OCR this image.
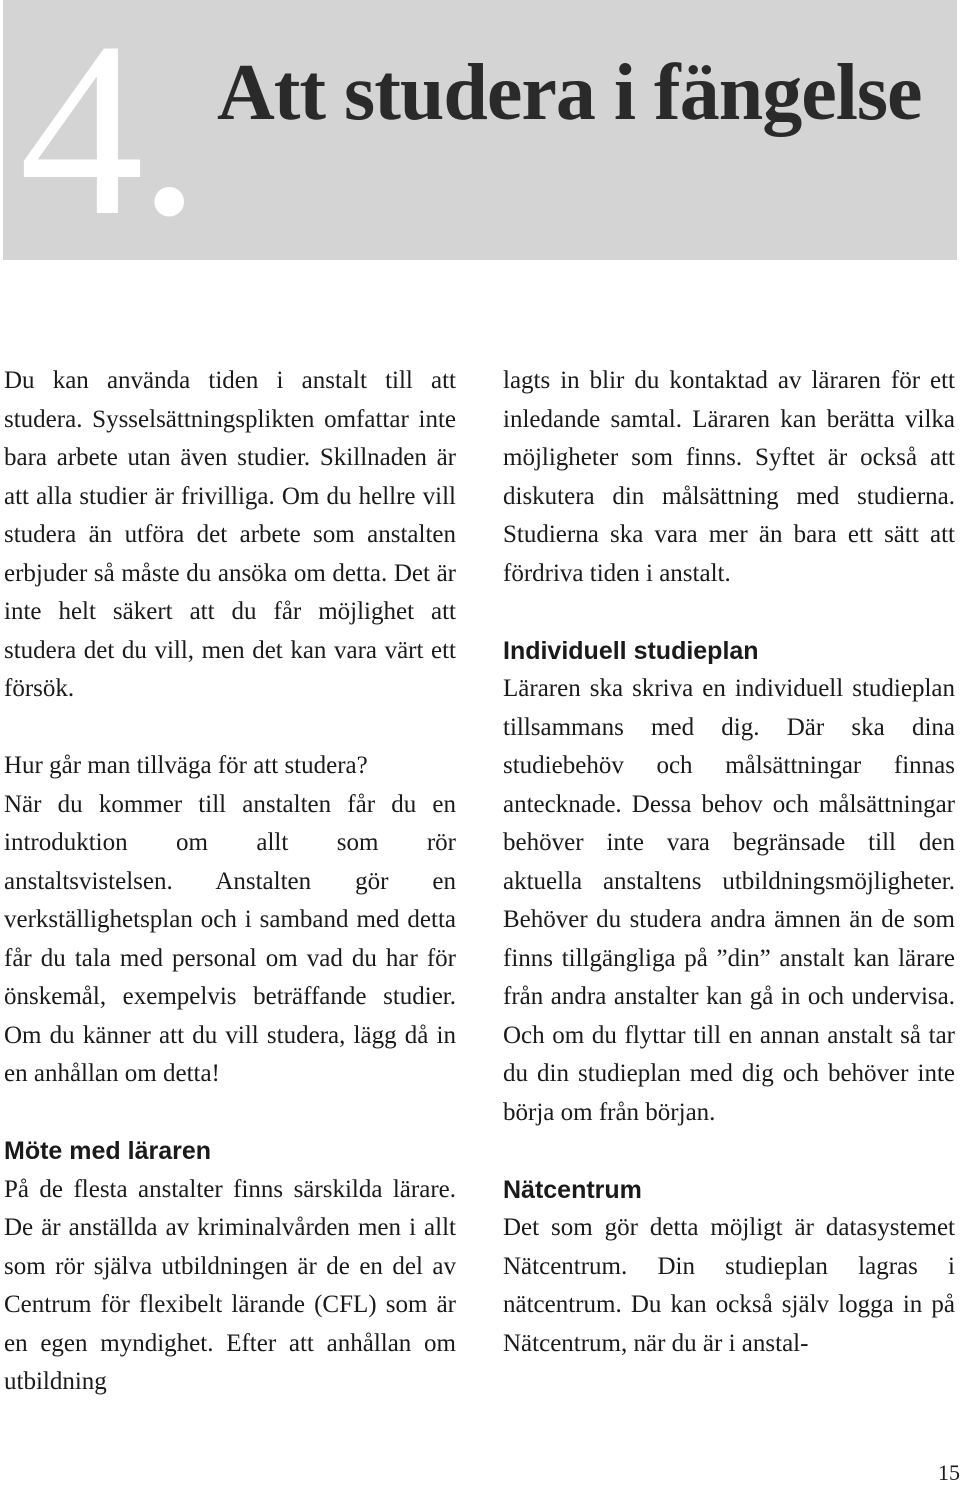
4. Att studera i fängelse

Du kan använda tiden i anstalt till att studera. Sysselsättningsplikten omfattar inte bara arbete utan även studier. Skillnaden är att alla studier är frivilliga. Om du hellre vill studera än utföra det arbete som anstalten erbjuder så måste du ansöka om detta. Det är inte helt säkert att du får möjlighet att studera det du vill, men det kan vara värt ett försök.

Hur går man tillväga för att studera?

När du kommer till anstalten får du en introduktion om allt som rör anstaltsvistelsen. Anstalten gör en verkställighetsplan och i samband med detta får du tala med personal om vad du har för önskemål, exempelvis beträffande studier. Om du känner att du vill studera, lägg då in en anhållan om detta!

Möte med läraren

På de flesta anstalter finns särskilda lärare. De är anställda av kriminalvården men i allt som rör själva utbildningen är de en del av Centrum för flexibelt lärande (CFL) som är en egen myndighet. Efter att anhållan om utbildning

lagts in blir du kontaktad av läraren för ett inledande samtal. Läraren kan berätta vilka möjligheter som finns. Syftet är också att diskutera din målsättning med studierna. Studierna ska vara mer än bara ett sätt att fördriva tiden i anstalt.

Individuell studieplan

Läraren ska skriva en individuell studieplan tillsammans med dig. Där ska dina studiebehöv och målsättningar finnas antecknade. Dessa behov och målsättningar behöver inte vara begränsade till den aktuella anstaltens utbildningsmöjligheter. Behöver du studera andra ämnen än de som finns tillgängliga på ”din” anstalt kan lärare från andra anstalter kan gå in och undervisa. Och om du flyttar till en annan anstalt så tar du din studieplan med dig och behöver inte börja om från början.

Nätcentrum

Det som gör detta möjligt är datasystemet Nätcentrum. Din studieplan lagras i nätcentrum. Du kan också själv logga in på Nätcentrum, när du är i anstal-

15
